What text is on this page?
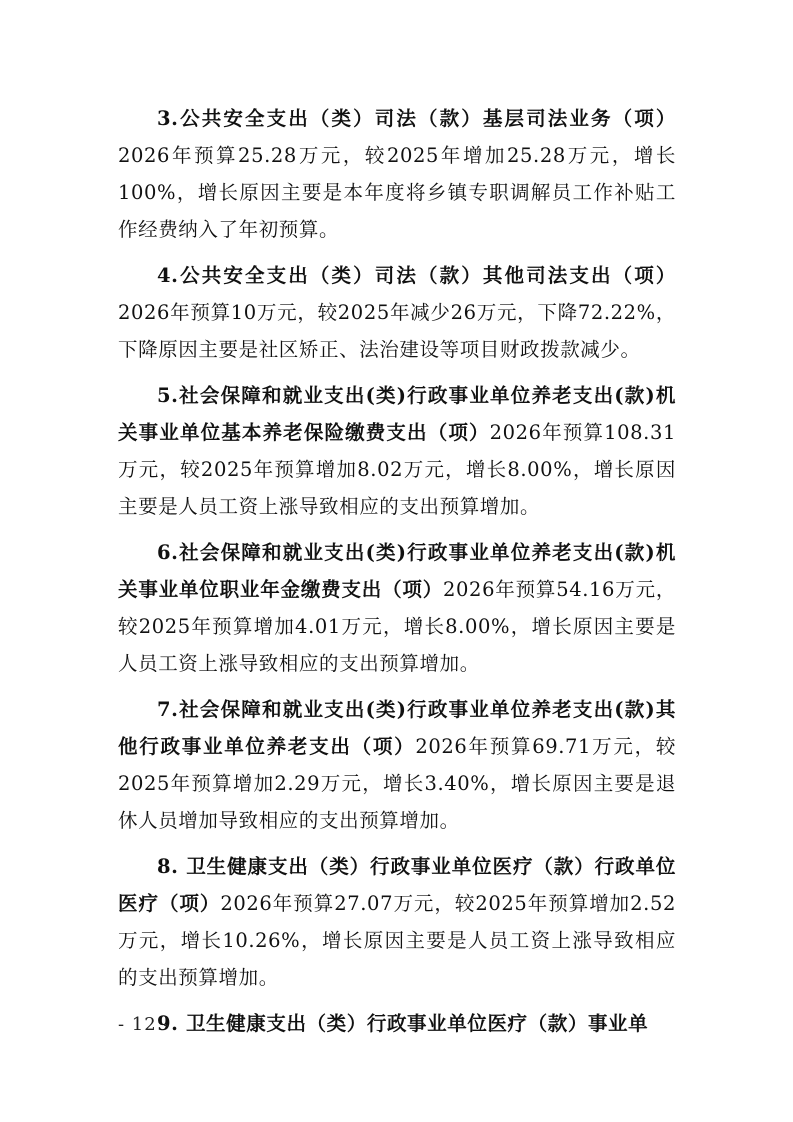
3.公共安全支出（类）司法（款）基层司法业务（项）2026年预算25.28万元，较2025年增加25.28万元，增长100%，增长原因主要是本年度将乡镇专职调解员工作补贴工作经费纳入了年初预算。

4.公共安全支出（类）司法（款）其他司法支出（项）2026年预算10万元，较2025年减少26万元，下降72.22%，下降原因主要是社区矫正、法治建设等项目财政拨款减少。

5.社会保障和就业支出(类)行政事业单位养老支出(款)机关事业单位基本养老保险缴费支出（项）2026年预算108.31万元，较2025年预算增加8.02万元，增长8.00%，增长原因主要是人员工资上涨导致相应的支出预算增加。

6.社会保障和就业支出(类)行政事业单位养老支出(款)机关事业单位职业年金缴费支出（项）2026年预算54.16万元，较2025年预算增加4.01万元，增长8.00%，增长原因主要是人员工资上涨导致相应的支出预算增加。

7.社会保障和就业支出(类)行政事业单位养老支出(款)其他行政事业单位养老支出（项）2026年预算69.71万元，较2025年预算增加2.29万元，增长3.40%，增长原因主要是退休人员增加导致相应的支出预算增加。

8. 卫生健康支出（类）行政事业单位医疗（款）行政单位医疗（项）2026年预算27.07万元，较2025年预算增加2.52万元，增长10.26%，增长原因主要是人员工资上涨导致相应的支出预算增加。

9. 卫生健康支出（类）行政事业单位医疗（款）事业单

- 12 -
